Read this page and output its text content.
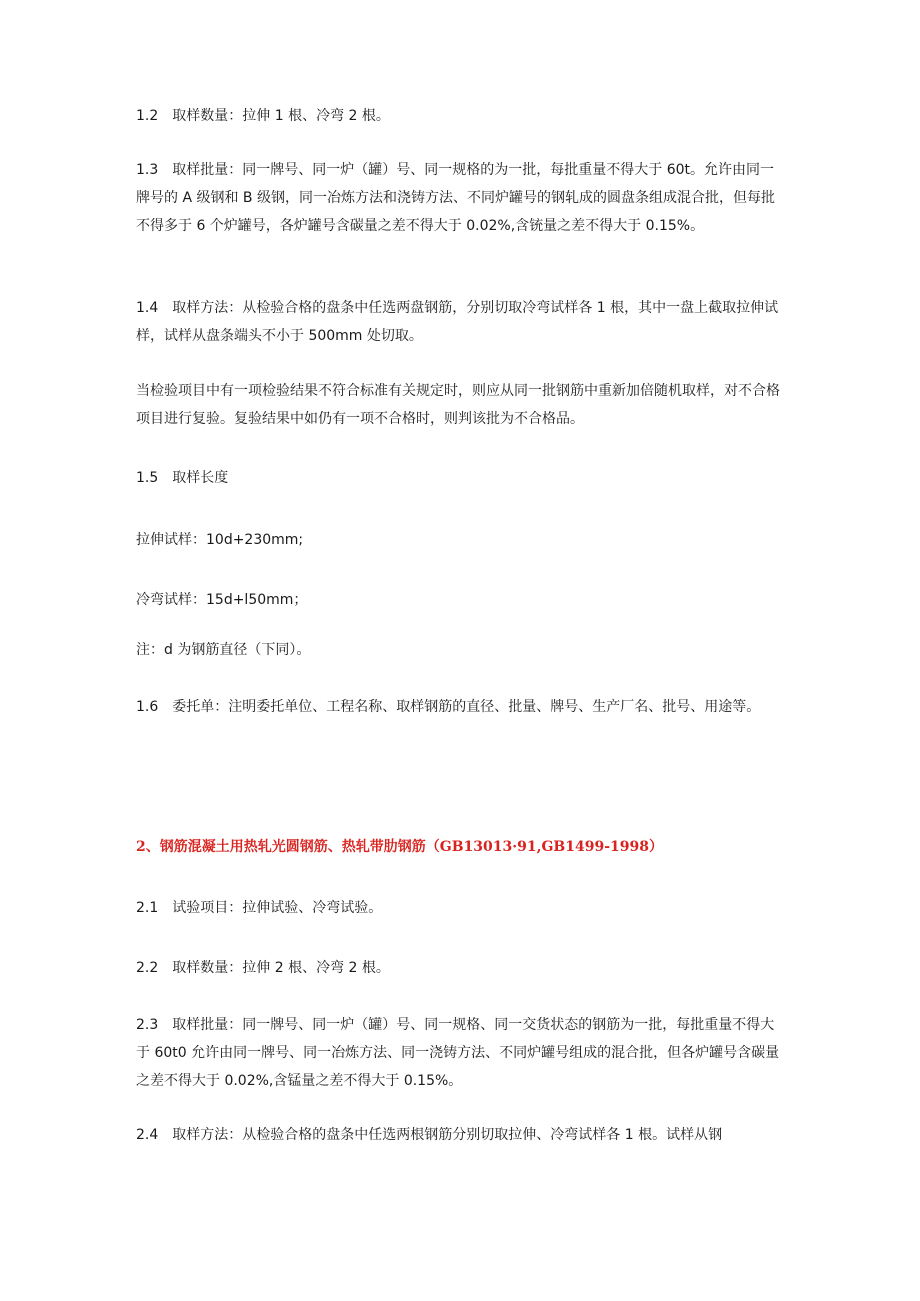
1.2 取样数量：拉伸 1 根、冷弯 2 根。

1.3 取样批量：同一牌号、同一炉（罐）号、同一规格的为一批，每批重量不得大于 60t。允许由同一牌号的 A 级钢和 B 级钢，同一冶炼方法和浇铸方法、不同炉罐号的钢轧成的圆盘条组成混合批，但每批不得多于 6 个炉罐号，各炉罐号含碳量之差不得大于 0.02%,含铳量之差不得大于 0.15%。

1.4 取样方法：从检验合格的盘条中任选两盘钢筋，分别切取冷弯试样各 1 根，其中一盘上截取拉伸试样，试样从盘条端头不小于 500mm 处切取。

当检验项目中有一项检验结果不符合标准有关规定时，则应从同一批钢筋中重新加倍随机取样，对不合格项目进行复验。复验结果中如仍有一项不合格时，则判该批为不合格品。

1.5 取样长度

拉伸试样：10d+230mm;

冷弯试样：15d+l50mm；

注：d 为钢筋直径（下同）。

1.6 委托单：注明委托单位、工程名称、取样钢筋的直径、批量、牌号、生产厂名、批号、用途等。

2、钢筋混凝土用热轧光圆钢筋、热轧带肋钢筋（GB13013·91,GB1499-1998）

2.1 试验项目：拉伸试验、冷弯试验。

2.2 取样数量：拉伸 2 根、冷弯 2 根。

2.3 取样批量：同一牌号、同一炉（罐）号、同一规格、同一交货状态的钢筋为一批，每批重量不得大于 60t0 允许由同一牌号、同一冶炼方法、同一浇铸方法、不同炉罐号组成的混合批，但各炉罐号含碳量之差不得大于 0.02%,含锰量之差不得大于 0.15%。

2.4 取样方法：从检验合格的盘条中任选两根钢筋分别切取拉伸、冷弯试样各 1 根。试样从钢
